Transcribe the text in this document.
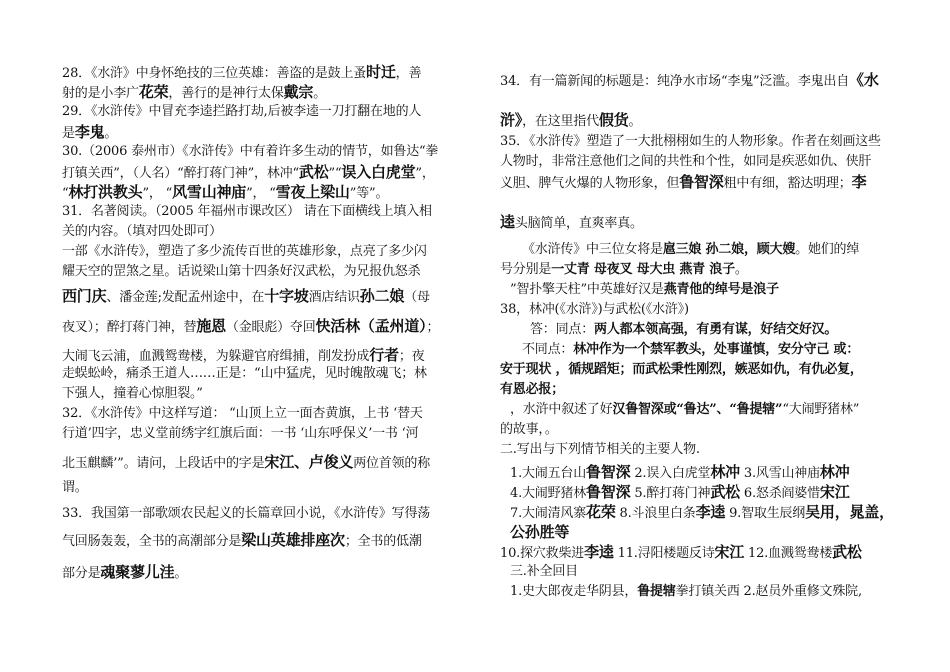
28．《水浒》中身怀绝技的三位英雄：善盗的是鼓上蚤时迁，善
射的是小李广花荣，善行的是神行太保戴宗。
29．《水浒传》中冒充李逵拦路打劫,后被李逵一刀打翻在地的人
是李鬼。
30.（2006 泰州市）《水浒传》中有着许多生动的情节，如鲁达“拳
打镇关西”，（人名）“醉打蒋门神”，林冲“武松”“误入白虎堂”，
“林打洪教头”， “风雪山神庙”， “雪夜上梁山”等”。
31．名著阅读。（2005 年福州市课改区） 请在下面横线上填入相
关的内容。（填对四处即可）
一部《水浒传》，塑造了多少流传百世的英雄形象，点亮了多少闪
耀天空的罡煞之星。话说梁山第十四条好汉武松，为兄报仇怒杀
西门庆、潘金莲;发配孟州途中，在十字坡酒店结识孙二娘（母
夜叉）；醉打蒋门神，替施恩（金眼彪）夺回快活林（孟州道）；
大闹飞云浦，血溅鸳鸯楼，为躲避官府缉捕，削发扮成行者；夜
走蜈蚣岭，痛杀王道人……正是：“山中猛虎，见时魄散魂飞；林
下强人，撞着心惊胆裂。”
32．《水浒传》中这样写道： “山顶上立一面杏黄旗，上书 ‘替天
行道’四字，忠义堂前绣字红旗后面：一书 ‘山东呼保义’一书 ‘河
北玉麒麟’”。请问，上段话中的字是宋江、卢俊义两位首领的称
谓。
33．我国第一部歌颂农民起义的长篇章回小说，《水浒传》写得荡
气回肠轰轰，全书的高潮部分是梁山英雄排座次；全书的低潮
部分是魂聚蓼儿洼。
34．有一篇新闻的标题是：纯净水市场“李鬼”泛滥。李鬼出自《水
浒》，在这里指代假货。
35．《水浒传》塑造了一大批栩栩如生的人物形象。作者在刻画这些
人物时，非常注意他们之间的共性和个性，如同是疾恶如仇、侠肝
义胆、脾气火爆的人物形象，但鲁智深粗中有细，豁达明理；李
逵头脑简单，直爽率真。
《水浒传》中三位女将是扈三娘 孙二娘，顾大嫂。她们的绰
号分别是一丈青 母夜叉 母大虫 燕青 浪子。
”智扑擎天柱”中英雄好汉是燕青他的绰号是浪子
38，林冲(《水浒》)与武松(《水浒》)
答：同点：两人都本领高强，有勇有谋，好结交好汉。
不同点：林冲作为一个禁军教头，处事谨慎，安分守己 或：
安于现状 ，循规蹈矩；而武松秉性刚烈，嫉恶如仇，有仇必复，
有恩必报；
，水浒中叙述了好汉鲁智深或“鲁达”、“鲁提辖”“大闹野猪林”
的故事，。
二.写出与下列情节相关的主要人物.
1.大闹五台山鲁智深 2.误入白虎堂林冲 3.风雪山神庙林冲
4.大闹野猪林鲁智深 5.醉打蒋门神武松 6.怒杀阎婆惜宋江
7.大闹清风寨花荣 8.斗浪里白条李逵 9.智取生辰纲吴用，晁盖，
公孙胜等
10.探穴救柴进李逵 11.浔阳楼题反诗宋江 12.血溅鸳鸯楼武松
三.补全回目
1.史大郎夜走华阴县，鲁提辖拳打镇关西 2.赵员外重修文殊院,
